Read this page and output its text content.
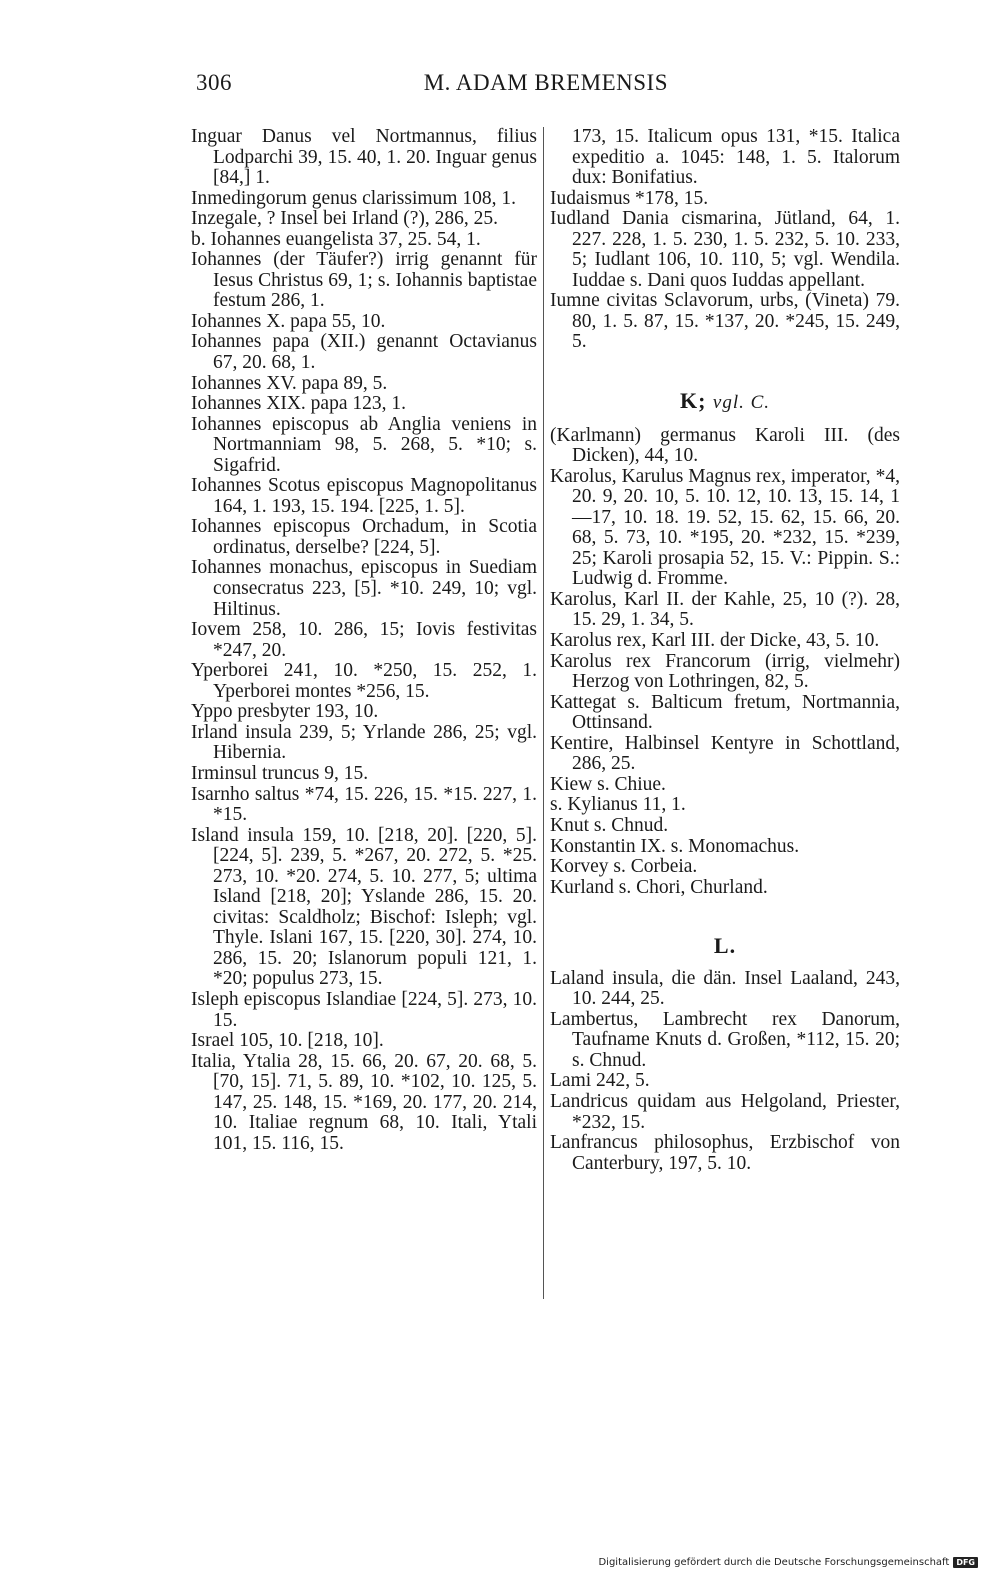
306	M. ADAM BREMENSIS
Inguar Danus vel Nortmannus, filius Lodparchi 39, 15. 40, 1. 20. Inguar genus [84,] 1.
Inmedingorum genus clarissimum 108, 1.
Inzegale, ? Insel bei Irland (?), 286, 25.
b. Iohannes euangelista 37, 25. 54, 1.
Iohannes (der Täufer?) irrig genannt für Iesus Christus 69, 1; s. Iohannis baptistae festum 286, 1.
Iohannes X. papa 55, 10.
Iohannes papa (XII.) genannt Octavianus 67, 20. 68, 1.
Iohannes XV. papa 89, 5.
Iohannes XIX. papa 123, 1.
Iohannes episcopus ab Anglia veniens in Nortmanniam 98, 5. 268, 5. *10; s. Sigafrid.
Iohannes Scotus episcopus Magnopolitanus 164, 1. 193, 15. 194. [225, 1. 5].
Iohannes episcopus Orchadum, in Scotia ordinatus, derselbe? [224, 5].
Iohannes monachus, episcopus in Suediam consecratus 223, [5]. *10. 249, 10; vgl. Hiltinus.
Iovem 258, 10. 286, 15; Iovis festivitas *247, 20.
Yperborei 241, 10. *250, 15. 252, 1. Yperborei montes *256, 15.
Yppo presbyter 193, 10.
Irland insula 239, 5; Yrlande 286, 25; vgl. Hibernia.
Irminsul truncus 9, 15.
Isarnho saltus *74, 15. 226, 15. *15. 227, 1. *15.
Island insula 159, 10. [218, 20]. [220, 5]. [224, 5]. 239, 5. *267, 20. 272, 5. *25. 273, 10. *20. 274, 5. 10. 277, 5; ultima Island [218, 20]; Yslande 286, 15. 20. civitas: Scaldholz; Bischof: Isleph; vgl. Thyle. Islani 167, 15. [220, 30]. 274, 10. 286, 15. 20; Islanorum populi 121, 1. *20; populus 273, 15.
Isleph episcopus Islandiae [224, 5]. 273, 10. 15.
Israel 105, 10. [218, 10].
Italia, Ytalia 28, 15. 66, 20. 67, 20. 68, 5. [70, 15]. 71, 5. 89, 10. *102, 10. 125, 5. 147, 25. 148, 15. *169, 20. 177, 20. 214, 10. Italiae regnum 68, 10. Itali, Ytali 101, 15. 116, 15.
173, 15. Italicum opus 131, *15. Italica expeditio a. 1045: 148, 1. 5. Italorum dux: Bonifatius.
Iudaismus *178, 15.
Iudland Dania cismarina, Jütland, 64, 1. 227. 228, 1. 5. 230, 1. 5. 232, 5. 10. 233, 5; Iudlant 106, 10. 110, 5; vgl. Wendila. Iuddae s. Dani quos Iuddas appellant.
Iumne civitas Sclavorum, urbs, (Vineta) 79. 80, 1. 5. 87, 15. *137, 20. *245, 15. 249, 5.
K; vgl. C.
(Karlmann) germanus Karoli III. (des Dicken), 44, 10.
Karolus, Karulus Magnus rex, imperator, *4, 20. 9, 20. 10, 5. 10. 12, 10. 13, 15. 14, 1—17, 10. 18. 19. 52, 15. 62, 15. 66, 20. 68, 5. 73, 10. *195, 20. *232, 15. *239, 25; Karoli prosapia 52, 15. V.: Pippin. S.: Ludwig d. Fromme.
Karolus, Karl II. der Kahle, 25, 10 (?). 28, 15. 29, 1. 34, 5.
Karolus rex, Karl III. der Dicke, 43, 5. 10.
Karolus rex Francorum (irrig, vielmehr) Herzog von Lothringen, 82, 5.
Kattegat s. Balticum fretum, Nortmannia, Ottinsand.
Kentire, Halbinsel Kentyre in Schottland, 286, 25.
Kiew s. Chiue.
s. Kylianus 11, 1.
Knut s. Chnud.
Konstantin IX. s. Monomachus.
Korvey s. Corbeia.
Kurland s. Chori, Churland.
L.
Laland insula, die dän. Insel Laaland, 243, 10. 244, 25.
Lambertus, Lambrecht rex Danorum, Taufname Knuts d. Großen, *112, 15. 20; s. Chnud.
Lami 242, 5.
Landricus quidam aus Helgoland, Priester, *232, 15.
Lanfrancus philosophus, Erzbischof von Canterbury, 197, 5. 10.
Digitalisierung gefördert durch die Deutsche Forschungsgemeinschaft DFG
